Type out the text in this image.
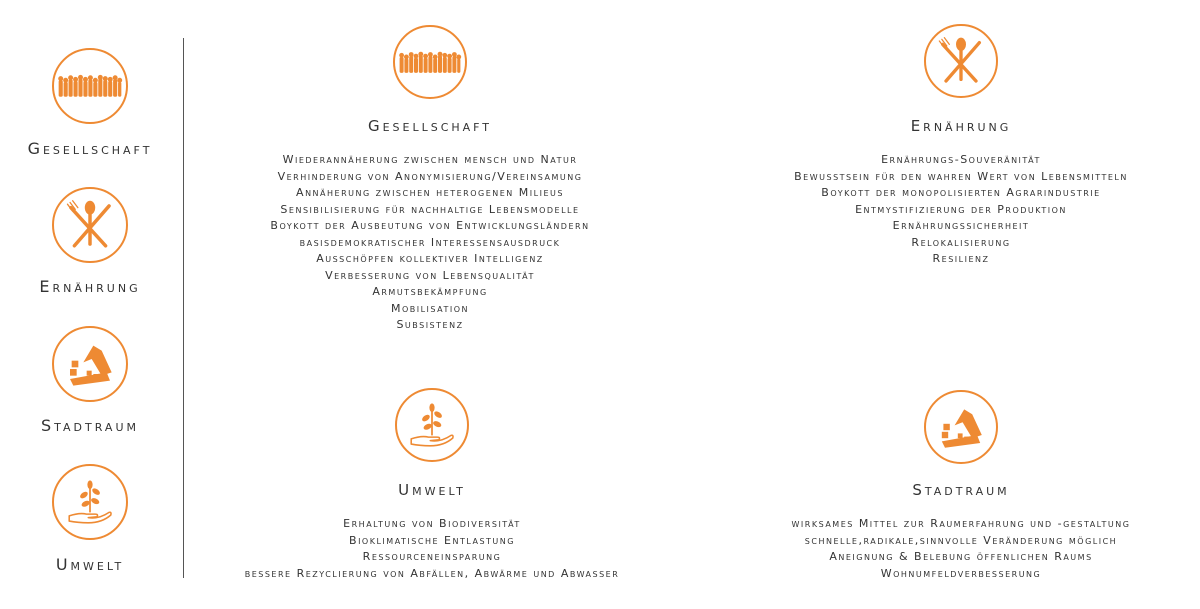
Gesellschaft
Ernährung
Stadtraum
Umwelt
Gesellschaft
Wiederannäherung zwischen mensch und Natur
Verhinderung von Anonymisierung/Vereinsamung
Annäherung zwischen heterogenen Milieus
Sensibilisierung für nachhaltige Lebensmodelle
Boykott der Ausbeutung von Entwicklungsländern
basisdemokratischer Interessensausdruck
Ausschöpfen kollektiver Intelligenz
Verbesserung von Lebensqualität
Armutsbekämpfung
Mobilisation
Subsistenz
Ernährung
Ernährungs-Souveränität
Bewusstsein für den wahren Wert von Lebensmitteln
Boykott der monopolisierten Agrarindustrie
Entmystifizierung der Produktion
Ernährungssicherheit
Relokalisierung
Resilienz
Umwelt
Erhaltung von Biodiversität
Bioklimatische Entlastung
Ressourceneinsparung
bessere Rezyclierung von Abfällen, Abwärme und Abwasser
Stadtraum
wirksames Mittel zur Raumerfahrung und -gestaltung
schnelle,radikale,sinnvolle Veränderung möglich
Aneignung & Belebung öffenlichen Raums
Wohnumfeldverbesserung
